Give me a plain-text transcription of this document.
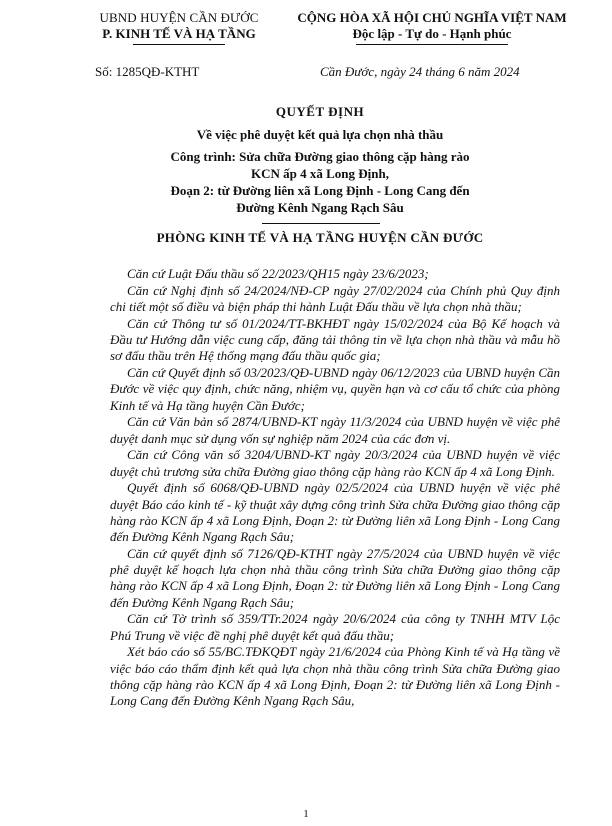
UBND HUYỆN CẦN ĐƯỚC
P. KINH TẾ VÀ HẠ TẦNG
CỘNG HÒA XÃ HỘI CHỦ NGHĨA VIỆT NAM
Độc lập - Tự do - Hạnh phúc
Số: 1285QĐ-KTHT	Cần Đước, ngày 24 tháng 6 năm 2024
QUYẾT ĐỊNH
Về việc phê duyệt kết quả lựa chọn nhà thầu
Công trình: Sửa chữa Đường giao thông cặp hàng rào
KCN ấp 4 xã Long Định,
Đoạn 2: từ Đường liên xã Long Định - Long Cang đến
Đường Kênh Ngang Rạch Sâu
PHÒNG KINH TẾ VÀ HẠ TẦNG HUYỆN CẦN ĐƯỚC

Căn cứ Luật Đấu thầu số 22/2023/QH15 ngày 23/6/2023;

Căn cứ Nghị định số 24/2024/NĐ-CP ngày 27/02/2024 của Chính phủ Quy định chi tiết một số điều và biện pháp thi hành Luật Đấu thầu về lựa chọn nhà thầu;

Căn cứ Thông tư số 01/2024/TT-BKHĐT ngày 15/02/2024 của Bộ Kế hoạch và Đầu tư Hướng dẫn việc cung cấp, đăng tải thông tin về lựa chọn nhà thầu và mẫu hồ sơ đấu thầu trên Hệ thống mạng đấu thầu quốc gia;

Căn cứ Quyết định số 03/2023/QĐ-UBND ngày 06/12/2023 của UBND huyện Cần Đước về việc quy định, chức năng, nhiệm vụ, quyền hạn và cơ cấu tổ chức của phòng Kinh tế và Hạ tầng huyện Cần Đước;

Căn cứ Văn bản số 2874/UBND-KT ngày 11/3/2024 của UBND huyện về việc phê duyệt danh mục sử dụng vốn sự nghiệp năm 2024 của các đơn vị.

Căn cứ Công văn số 3204/UBND-KT ngày 20/3/2024 của UBND huyện về việc duyệt chủ trương sửa chữa Đường giao thông cặp hàng rào KCN ấp 4 xã Long Định.

Quyết định số 6068/QĐ-UBND ngày 02/5/2024 của UBND huyện về việc phê duyệt Báo cáo kinh tế - kỹ thuật xây dựng công trình Sửa chữa Đường giao thông cặp hàng rào KCN ấp 4 xã Long Định, Đoạn 2: từ Đường liên xã Long Định - Long Cang đến Đường Kênh Ngang Rạch Sâu;

Căn cứ quyết định số 7126/QĐ-KTHT ngày 27/5/2024 của UBND huyện về việc phê duyệt kế hoạch lựa chọn nhà thầu công trình Sửa chữa Đường giao thông cặp hàng rào KCN ấp 4 xã Long Định, Đoạn 2: từ Đường liên xã Long Định - Long Cang đến Đường Kênh Ngang Rạch Sâu;

Căn cứ Tờ trình số 359/TTr.2024 ngày 20/6/2024 của công ty TNHH MTV Lộc Phú Trung về việc đề nghị phê duyệt kết quả đấu thầu;

Xét báo cáo số 55/BC.TĐKQĐT ngày 21/6/2024 của Phòng Kinh tế và Hạ tầng về việc báo cáo thẩm định kết quả lựa chọn nhà thầu công trình Sửa chữa Đường giao thông cặp hàng rào KCN ấp 4 xã Long Định, Đoạn 2: từ Đường liên xã Long Định - Long Cang đến Đường Kênh Ngang Rạch Sâu,

1
